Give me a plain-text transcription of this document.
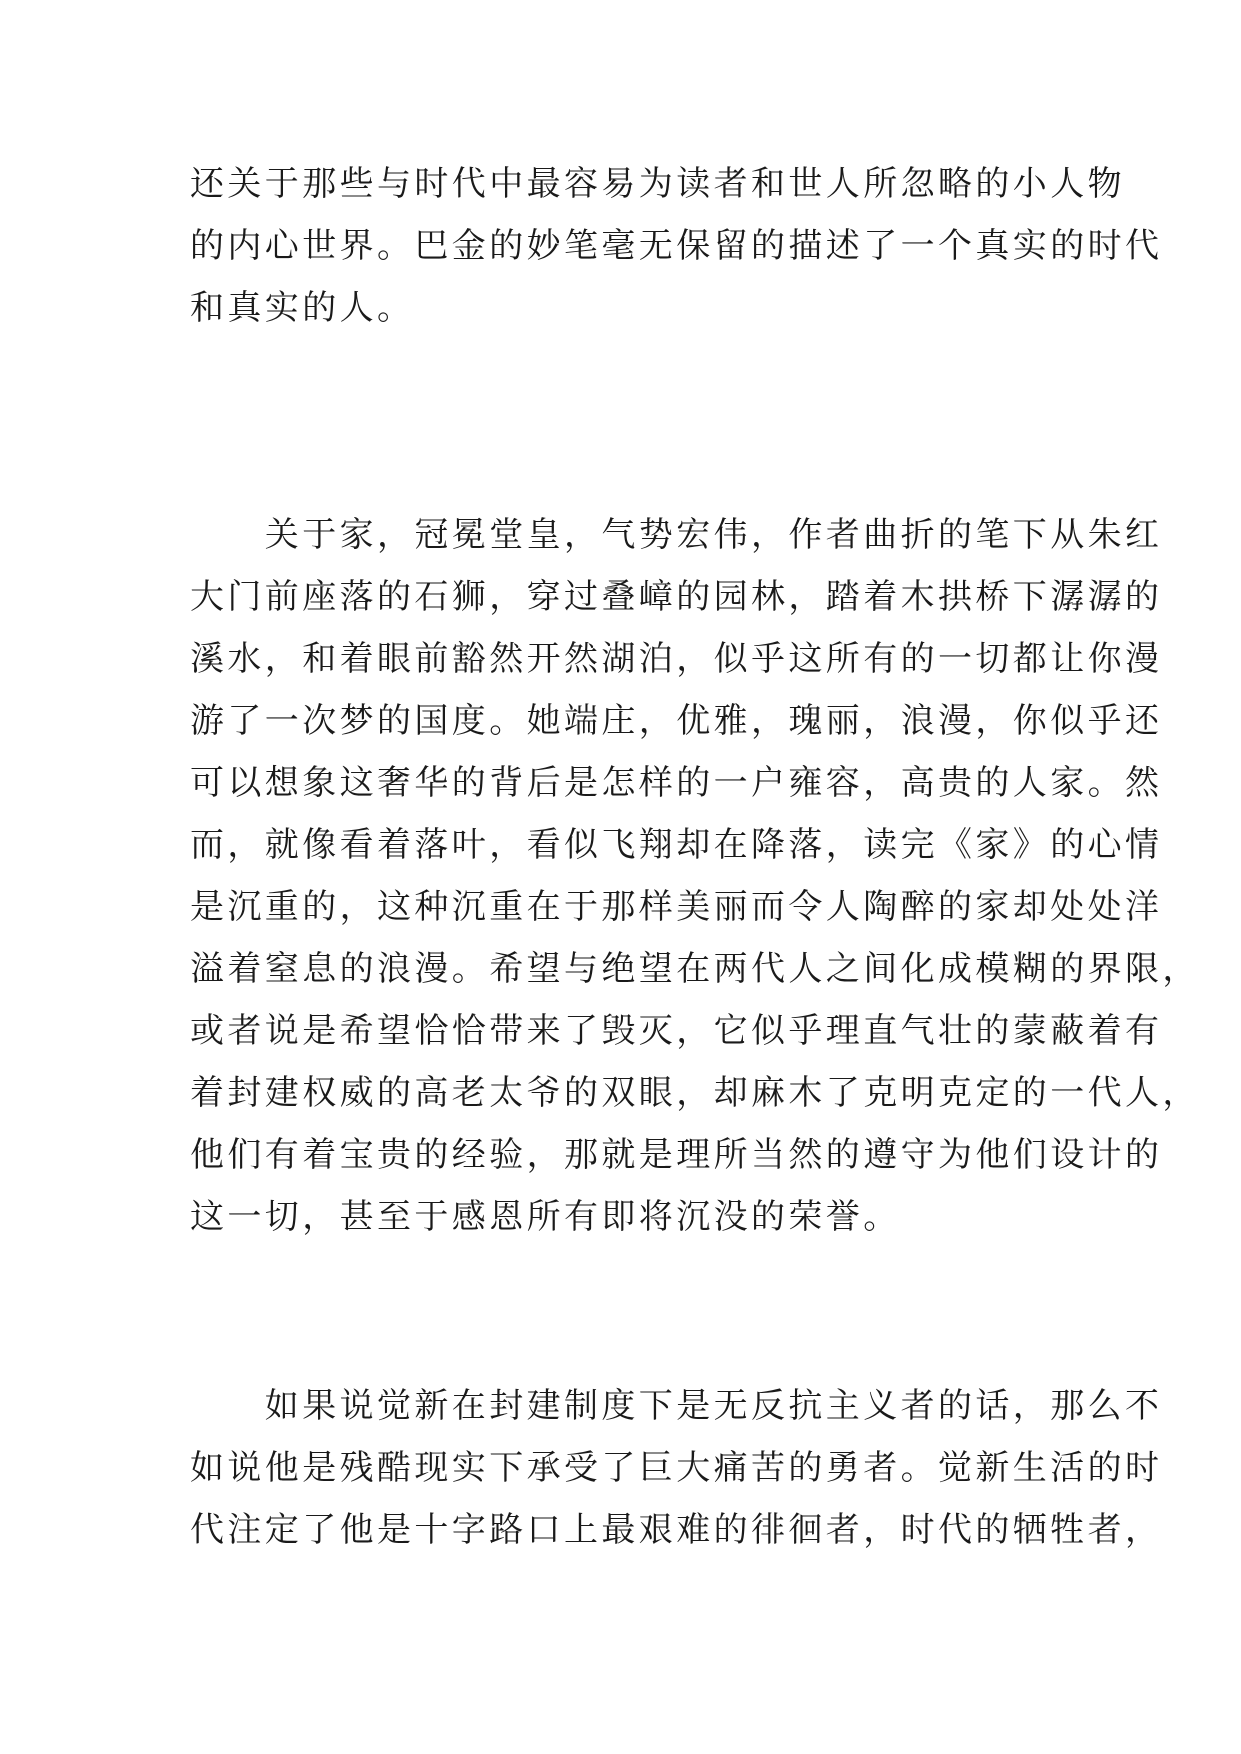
还关于那些与时代中最容易为读者和世人所忽略的小人物
的内心世界。巴金的妙笔毫无保留的描述了一个真实的时代
和真实的人。
　　关于家，冠冕堂皇，气势宏伟，作者曲折的笔下从朱红
大门前座落的石狮，穿过叠嶂的园林，踏着木拱桥下潺潺的
溪水，和着眼前豁然开然湖泊，似乎这所有的一切都让你漫
游了一次梦的国度。她端庄，优雅，瑰丽，浪漫，你似乎还
可以想象这奢华的背后是怎样的一户雍容，高贵的人家。然
而，就像看着落叶，看似飞翔却在降落，读完《家》的心情
是沉重的，这种沉重在于那样美丽而令人陶醉的家却处处洋
溢着窒息的浪漫。希望与绝望在两代人之间化成模糊的界限，
或者说是希望恰恰带来了毁灭，它似乎理直气壮的蒙蔽着有
着封建权威的高老太爷的双眼，却麻木了克明克定的一代人，
他们有着宝贵的经验，那就是理所当然的遵守为他们设计的
这一切，甚至于感恩所有即将沉没的荣誉。
　　如果说觉新在封建制度下是无反抗主义者的话，那么不
如说他是残酷现实下承受了巨大痛苦的勇者。觉新生活的时
代注定了他是十字路口上最艰难的徘徊者，时代的牺牲者，
